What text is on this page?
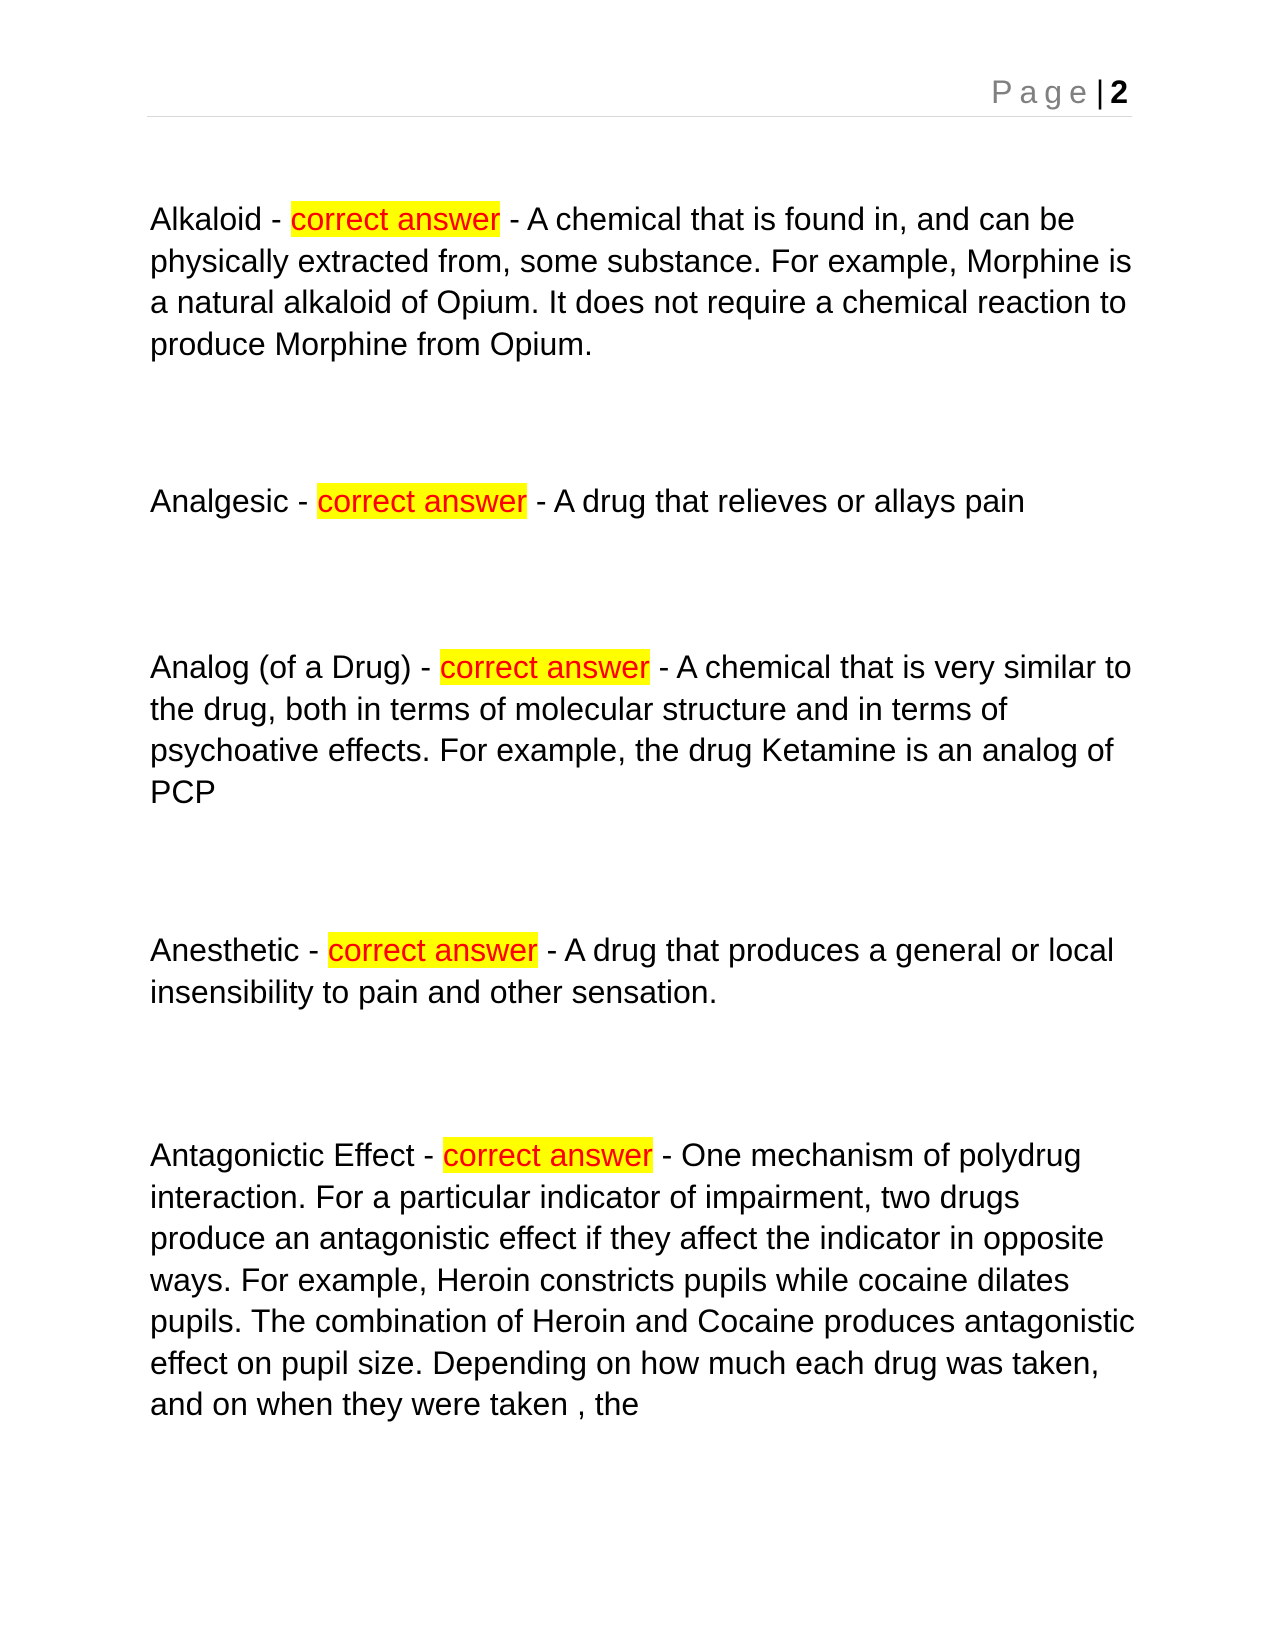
Page| 2

Alkaloid - correct answer - A chemical that is found in, and can be physically extracted from, some substance. For example, Morphine is a natural alkaloid of Opium. It does not require a chemical reaction to produce Morphine from Opium.

Analgesic - correct answer - A drug that relieves or allays pain

Analog (of a Drug) - correct answer - A chemical that is very similar to the drug, both in terms of molecular structure and in terms of psychoative effects. For example, the drug Ketamine is an analog of PCP

Anesthetic - correct answer - A drug that produces a general or local insensibility to pain and other sensation.

Antagonictic Effect - correct answer - One mechanism of polydrug interaction. For a particular indicator of impairment, two drugs produce an antagonistic effect if they affect the indicator in opposite ways. For example, Heroin constricts pupils while cocaine dilates pupils. The combination of Heroin and Cocaine produces antagonistic effect on pupil size. Depending on how much each drug was taken, and on when they were taken , the
